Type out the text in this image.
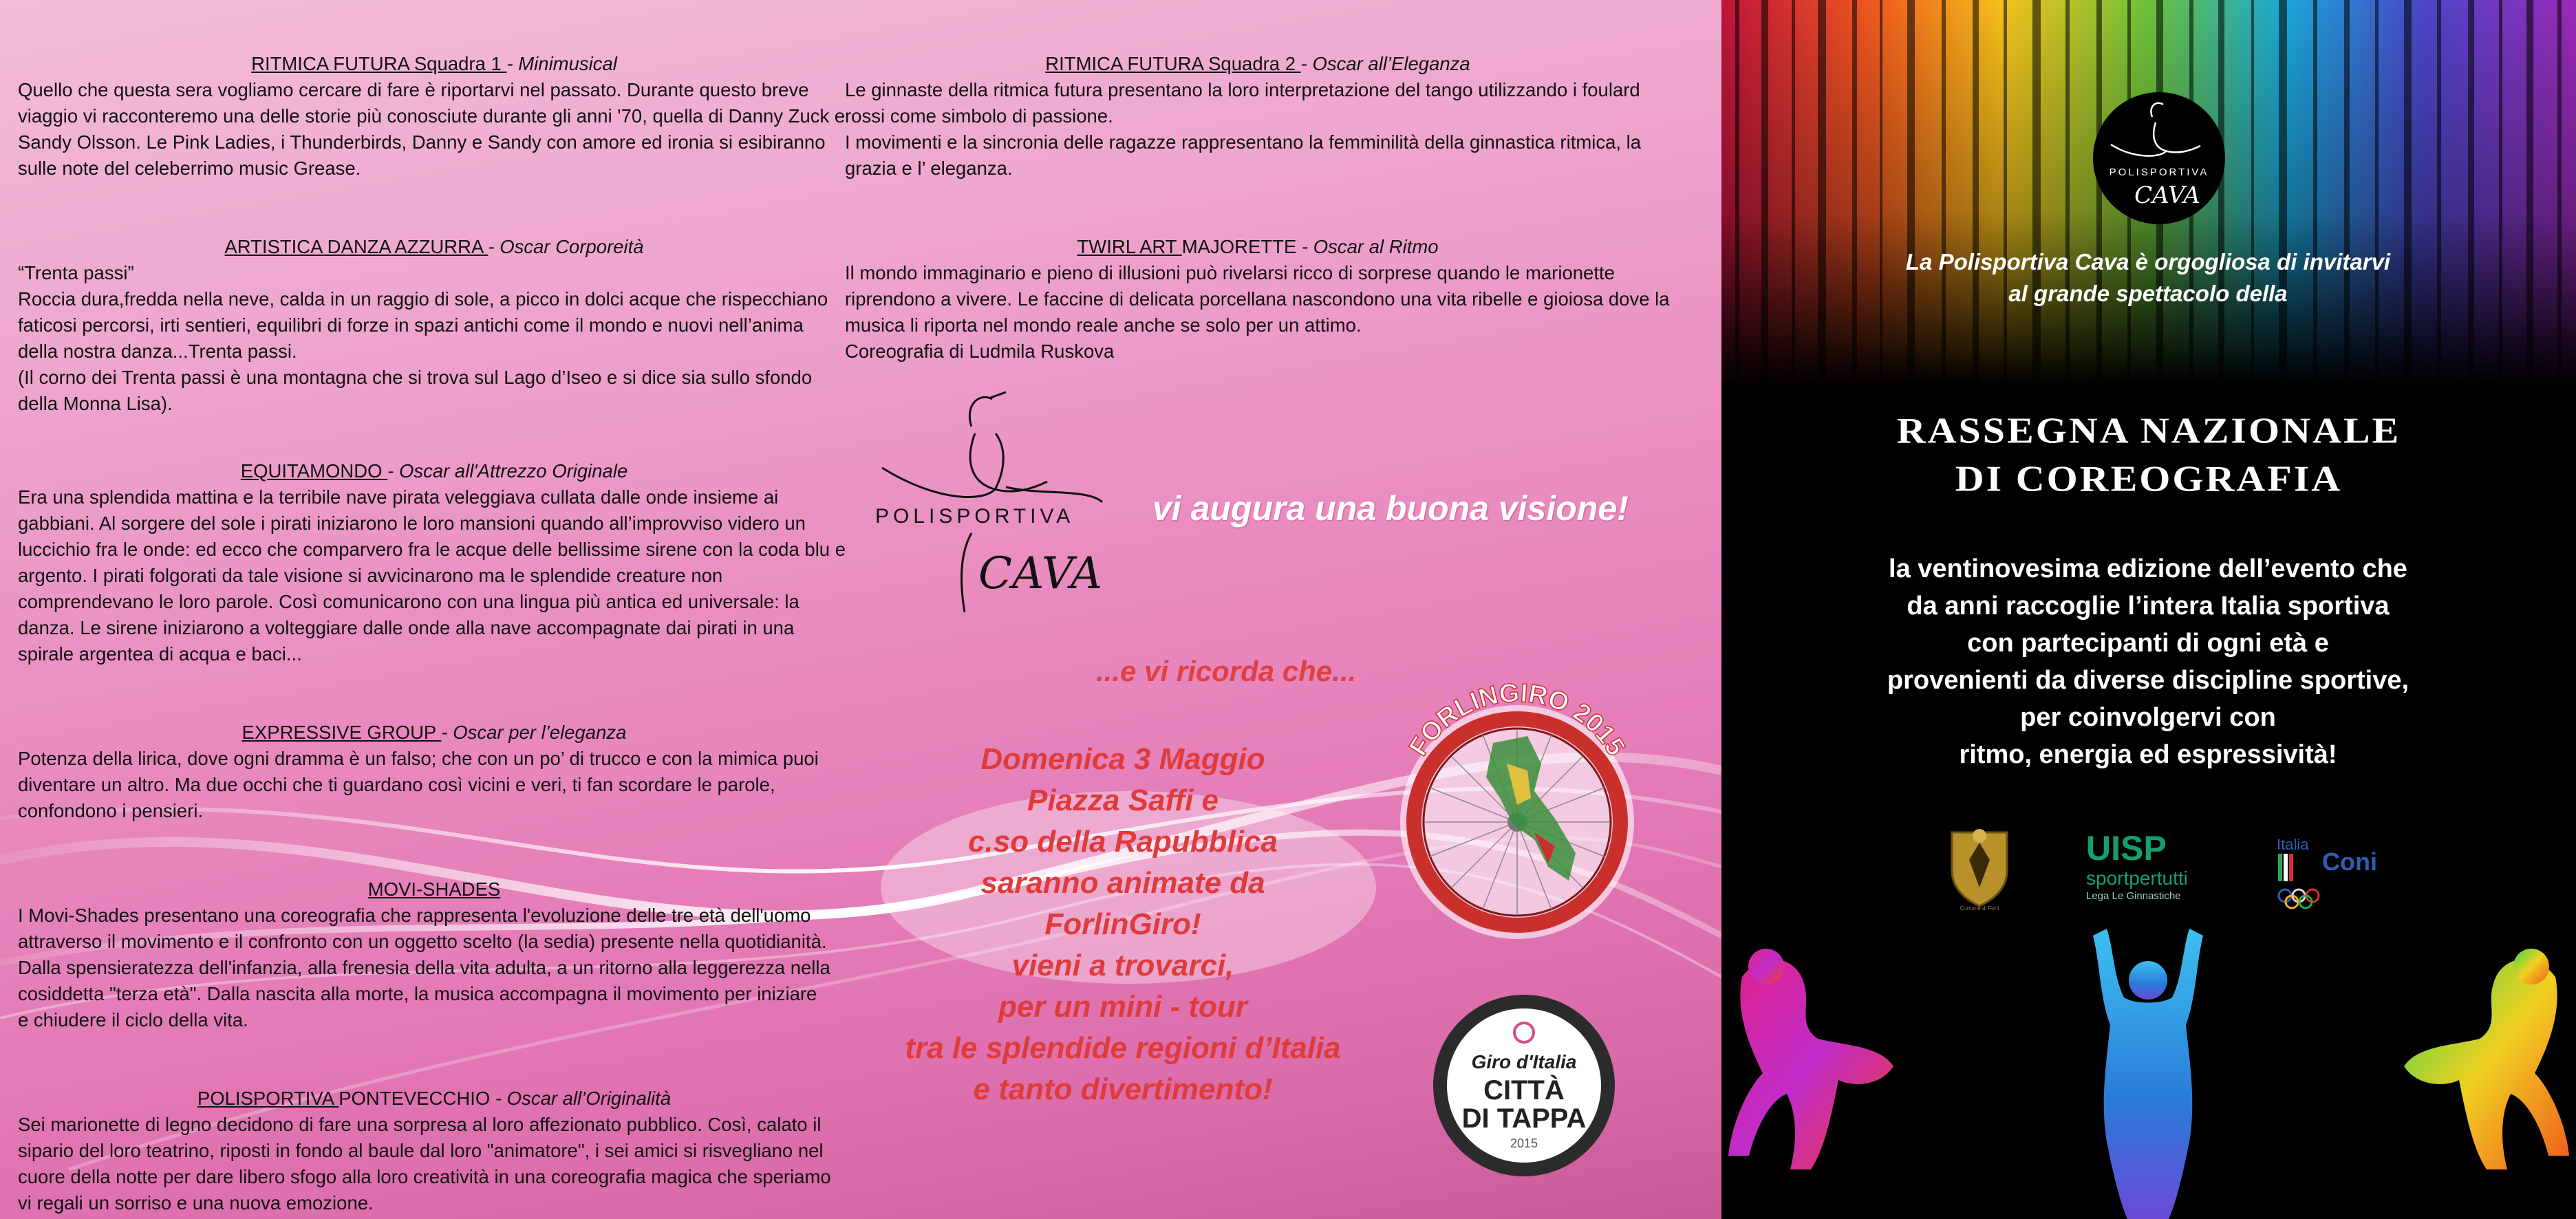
RITMICA FUTURA Squadra 1 - Minimusical
Quello che questa sera vogliamo cercare di fare è riportarvi nel passato. Durante questo breve
viaggio vi racconteremo una delle storie più conosciute durante gli anni '70, quella di Danny Zuck e
Sandy Olsson. Le Pink Ladies, i Thunderbirds, Danny e Sandy con amore ed ironia si esibiranno
sulle note del celeberrimo music Grease.
ARTISTICA DANZA AZZURRA - Oscar Corporeità
“Trenta passi”
Roccia dura,fredda nella neve, calda in un raggio di sole, a picco in dolci acque che rispecchiano
faticosi percorsi, irti sentieri, equilibri di forze in spazi antichi come il mondo e nuovi nell’anima
della nostra danza...Trenta passi.
(Il corno dei Trenta passi è una montagna che si trova sul Lago d’Iseo e si dice sia sullo sfondo
della Monna Lisa).
EQUITAMONDO - Oscar all'Attrezzo Originale
Era una splendida mattina e la terribile nave pirata veleggiava cullata dalle onde insieme ai
gabbiani. Al sorgere del sole i pirati iniziarono le loro mansioni quando all’improvviso videro un
luccichio fra le onde: ed ecco che comparvero fra le acque delle bellissime sirene con la coda blu e
argento. I pirati folgorati da tale visione si avvicinarono ma le splendide creature non
comprendevano le loro parole. Così comunicarono con una lingua più antica ed universale: la
danza. Le sirene iniziarono a volteggiare dalle onde alla nave accompagnate dai pirati in una
spirale argentea di acqua e baci...
EXPRESSIVE GROUP - Oscar per l’eleganza
Potenza della lirica, dove ogni dramma è un falso; che con un po’ di trucco e con la mimica puoi
diventare un altro. Ma due occhi che ti guardano così vicini e veri, ti fan scordare le parole,
confondono i pensieri.
MOVI-SHADES
I Movi-Shades presentano una coreografia che rappresenta l'evoluzione delle tre età dell'uomo
attraverso il movimento e il confronto con un oggetto scelto (la sedia) presente nella quotidianità.
Dalla spensieratezza dell'infanzia, alla frenesia della vita adulta, a un ritorno alla leggerezza nella
cosiddetta "terza età". Dalla nascita alla morte, la musica accompagna il movimento per iniziare
e chiudere il ciclo della vita.
POLISPORTIVA PONTEVECCHIO - Oscar all’Originalità
Sei marionette di legno decidono di fare una sorpresa al loro affezionato pubblico. Così, calato il
sipario del loro teatrino, riposti in fondo al baule dal loro "animatore", i sei amici si risvegliano nel
cuore della notte per dare libero sfogo alla loro creatività in una coreografia magica che speriamo
vi regali un sorriso e una nuova emozione.
RITMICA FUTURA Squadra 2 - Oscar all’Eleganza
Le ginnaste della ritmica futura presentano la loro interpretazione del tango utilizzando i foulard
rossi come simbolo di passione.
I movimenti e la sincronia delle ragazze rappresentano la femminilità della ginnastica ritmica, la
grazia e l’ eleganza.
TWIRL ART MAJORETTE - Oscar al Ritmo
Il mondo immaginario e pieno di illusioni può rivelarsi ricco di sorprese quando le marionette
riprendono a vivere. Le faccine di delicata porcellana nascondono una vita ribelle e gioiosa dove la
musica li riporta nel mondo reale anche se solo per un attimo.
Coreografia di Ludmila Ruskova
POLISPORTIVA
CAVA
vi augura una buona visione!
...e vi ricorda che...
Domenica 3 Maggio
Piazza Saffi e
c.so della Rapubblica
saranno animate da
ForlinGiro!
vieni a trovarci,
per un mini - tour
tra le splendide regioni d’Italia
e tanto divertimento!
FORLINGIRO 2015
Giro d'Italia
CITTÀ
DI TAPPA
2015
POLISPORTIVA
CAVA
La Polisportiva Cava è orgogliosa di invitarvi
al grande spettacolo della
RASSEGNA NAZIONALE
DI COREOGRAFIA
la ventinovesima edizione dell’evento che
da anni raccoglie l’intera Italia sportiva
con partecipanti di ogni età e
provenienti da diverse discipline sportive,
per coinvolgervi con
ritmo, energia ed espressività!
Comune di Forlì
UISP
sportpertutti
Lega Le Ginnastiche
Italia
Coni
